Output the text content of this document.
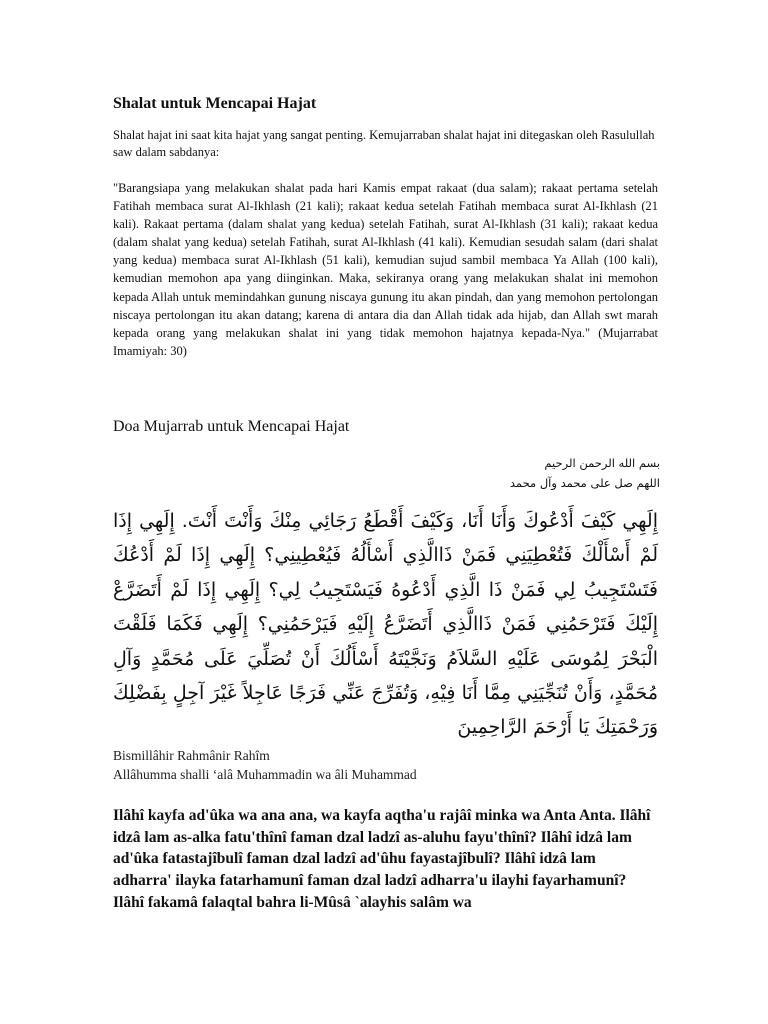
Shalat untuk Mencapai Hajat

Shalat hajat ini saat kita hajat yang sangat penting. Kemujarraban shalat hajat ini ditegaskan oleh Rasulullah saw dalam sabdanya:

"Barangsiapa yang melakukan shalat pada hari Kamis empat rakaat (dua salam); rakaat pertama setelah Fatihah membaca surat Al-Ikhlash (21 kali); rakaat kedua setelah Fatihah membaca surat Al-Ikhlash (21 kali). Rakaat pertama (dalam shalat yang kedua) setelah Fatihah, surat Al-Ikhlash (31 kali); rakaat kedua (dalam shalat yang kedua) setelah Fatihah, surat Al-Ikhlash (41 kali). Kemudian sesudah salam (dari shalat yang kedua) membaca surat Al-Ikhlash (51 kali), kemudian sujud sambil membaca Ya Allah (100 kali), kemudian memohon apa yang diinginkan. Maka, sekiranya orang yang melakukan shalat ini memohon kepada Allah untuk memindahkan gunung niscaya gunung itu akan pindah, dan yang memohon pertolongan niscaya pertolongan itu akan datang; karena di antara dia dan Allah tidak ada hijab, dan Allah swt marah kepada orang yang melakukan shalat ini yang tidak memohon hajatnya kepada-Nya." (Mujarrabat Imamiyah: 30)

Doa Mujarrab untuk Mencapai Hajat
بسم الله الرحمن الرحيم
اللهم صل على محمد وآل محمد
إِلَهِي كَيْفَ أَدْعُوكَ وَأَنَا أَنَا، وَكَيْفَ أَقْطَعُ رَجَائِي مِنْكَ وَأَنْتَ أَنْتَ. إِلَهِي إِذَا لَمْ أَسْأَلْكَ فَتُعْطِيَنِي فَمَنْ ذَاالَّذِي أَسْأَلُهُ فَيُعْطِينِي؟ إِلَهِي إِذَا لَمْ أَدْعُكَ فَتَسْتَجِيبُ لِي فَمَنْ ذَا الَّذِي أَدْعُوهُ فَيَسْتَجِيبُ لِي؟ إِلَهِي إِذَا لَمْ أَتَضَرَّعْ إِلَيْكَ فَتَرْحَمُنِي فَمَنْ ذَاالَّذِي أَتَضَرَّعُ إِلَيْهِ فَيَرْحَمُنِي؟ إِلَهِي فَكَمَا فَلَقْتَ الْبَحْرَ لِمُوسَى عَلَيْهِ السَّلاَمُ وَنَجَّيْتَهُ أَسْأَلُكَ أَنْ تُصَلِّيَ عَلَى مُحَمَّدٍ وَآلِ مُحَمَّدٍ، وَأَنْ تُنَجِّيَنِي مِمَّا أَنَا فِيْهِ، وَتُفَرِّجَ عَنِّي فَرَجًا عَاجِلاً غَيْرَ آجِلٍ بِفَضْلِكَ وَرَحْمَتِكَ يَا أَرْحَمَ الرَّاحِمِينَ
Bismillâhir Rahmânir Rahîm
Allâhumma shalli ‘alâ Muhammadin wa âli Muhammad

Ilâhî kayfa ad'ûka wa ana ana, wa kayfa aqtha'u rajâî minka wa Anta Anta. Ilâhî idzâ lam as-alka fatu'thînî faman dzal ladzî as-aluhu fayu'thînî? Ilâhî idzâ lam ad'ûka fatastajîbulî faman dzal ladzî ad'ûhu fayastajîbulî? Ilâhî idzâ lam adharra' ilayka fatarhamunî faman dzal ladzî adharra'u ilayhi fayarhamunî? Ilâhî fakamâ falaqtal bahra li-Mûsâ `alayhis salâm wa
